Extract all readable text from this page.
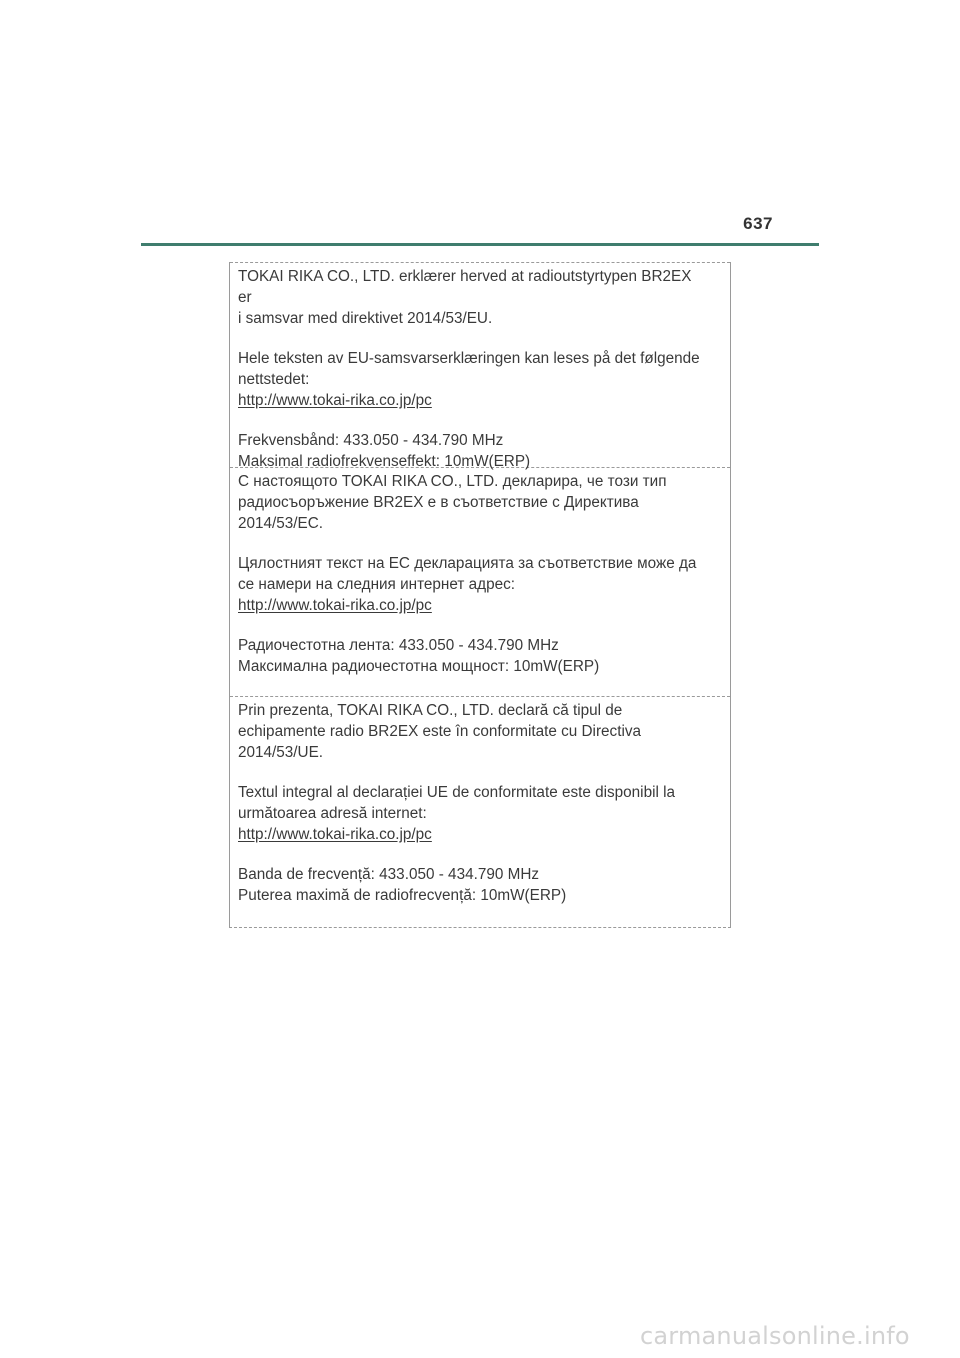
637

TOKAI RIKA CO., LTD. erklærer herved at radioutstyrtypen BR2EX er
i samsvar med direktivet 2014/53/EU.

Hele teksten av EU-samsvarserklæringen kan leses på det følgende
nettstedet:
http://www.tokai-rika.co.jp/pc

Frekvensbånd: 433.050 - 434.790 MHz
Maksimal radiofrekvenseffekt: 10mW(ERP)

С настоящото TOKAI RIKA CO., LTD. декларира, че този тип
радиосъоръжение BR2EX е в съответствие с Директива
2014/53/ЕС.

Цялостният текст на ЕС декларацията за съответствие може да
се намери на следния интернет адрес:
http://www.tokai-rika.co.jp/pc

Радиочестотна лента: 433.050 - 434.790 MHz
Максимална радиочестотна мощност: 10mW(ERP)

Prin prezenta, TOKAI RIKA CO., LTD. declară că tipul de
echipamente radio BR2EX este în conformitate cu Directiva
2014/53/UE.

Textul integral al declarației UE de conformitate este disponibil la
următoarea adresă internet:
http://www.tokai-rika.co.jp/pc

Banda de frecvență: 433.050 - 434.790 MHz
Puterea maximă de radiofrecvență: 10mW(ERP)

carmanualsonline.info
